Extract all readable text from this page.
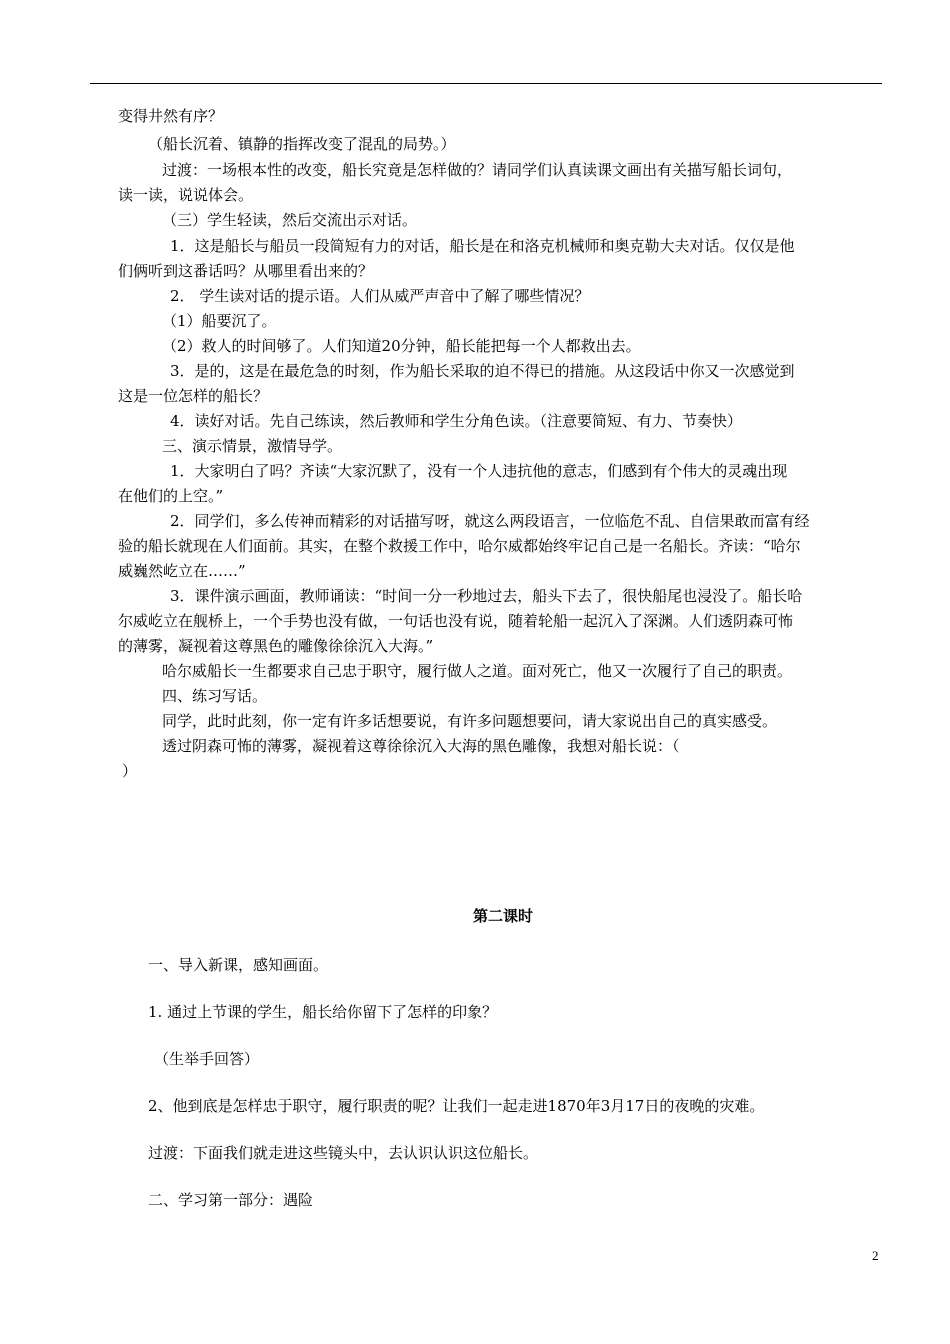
变得井然有序？
（船长沉着、镇静的指挥改变了混乱的局势。）
过渡：一场根本性的改变，船长究竟是怎样做的？请同学们认真读课文画出有关描写船长词句，
读一读，说说体会。
（三）学生轻读，然后交流出示对话。
1．这是船长与船员一段简短有力的对话，船长是在和洛克机械师和奥克勒大夫对话。仅仅是他
们俩听到这番话吗？从哪里看出来的？
2． 学生读对话的提示语。人们从威严声音中了解了哪些情况？
（1）船要沉了。
（2）救人的时间够了。人们知道20分钟，船长能把每一个人都救出去。
3．是的，这是在最危急的时刻，作为船长采取的迫不得已的措施。从这段话中你又一次感觉到
这是一位怎样的船长？
4．读好对话。先自己练读，然后教师和学生分角色读。（注意要简短、有力、节奏快）
三、演示情景，激情导学。
1．大家明白了吗？齐读“大家沉默了，没有一个人违抗他的意志，们感到有个伟大的灵魂出现
在他们的上空。”
2．同学们，多么传神而精彩的对话描写呀，就这么两段语言，一位临危不乱、自信果敢而富有经
验的船长就现在人们面前。其实，在整个救援工作中，哈尔威都始终牢记自己是一名船长。齐读：“哈尔
威巍然屹立在……”
3．课件演示画面，教师诵读：“时间一分一秒地过去，船头下去了，很快船尾也浸没了。船长哈
尔威屹立在舰桥上，一个手势也没有做，一句话也没有说，随着轮船一起沉入了深渊。人们透阴森可怖
的薄雾，凝视着这尊黑色的雕像徐徐沉入大海。”
哈尔威船长一生都要求自己忠于职守，履行做人之道。面对死亡，他又一次履行了自己的职责。
四、练习写话。
同学，此时此刻，你一定有许多话想要说，有许多问题想要问，请大家说出自己的真实感受。
透过阴森可怖的薄雾，凝视着这尊徐徐沉入大海的黑色雕像，我想对船长说：（
）
第二课时
一、导入新课，感知画面。
1. 通过上节课的学生，船长给你留下了怎样的印象？
（生举手回答）
2、他到底是怎样忠于职守，履行职责的呢？让我们一起走进1870年3月17日的夜晚的灾难。
过渡：下面我们就走进这些镜头中，去认识认识这位船长。
二、学习第一部分：遇险
2
